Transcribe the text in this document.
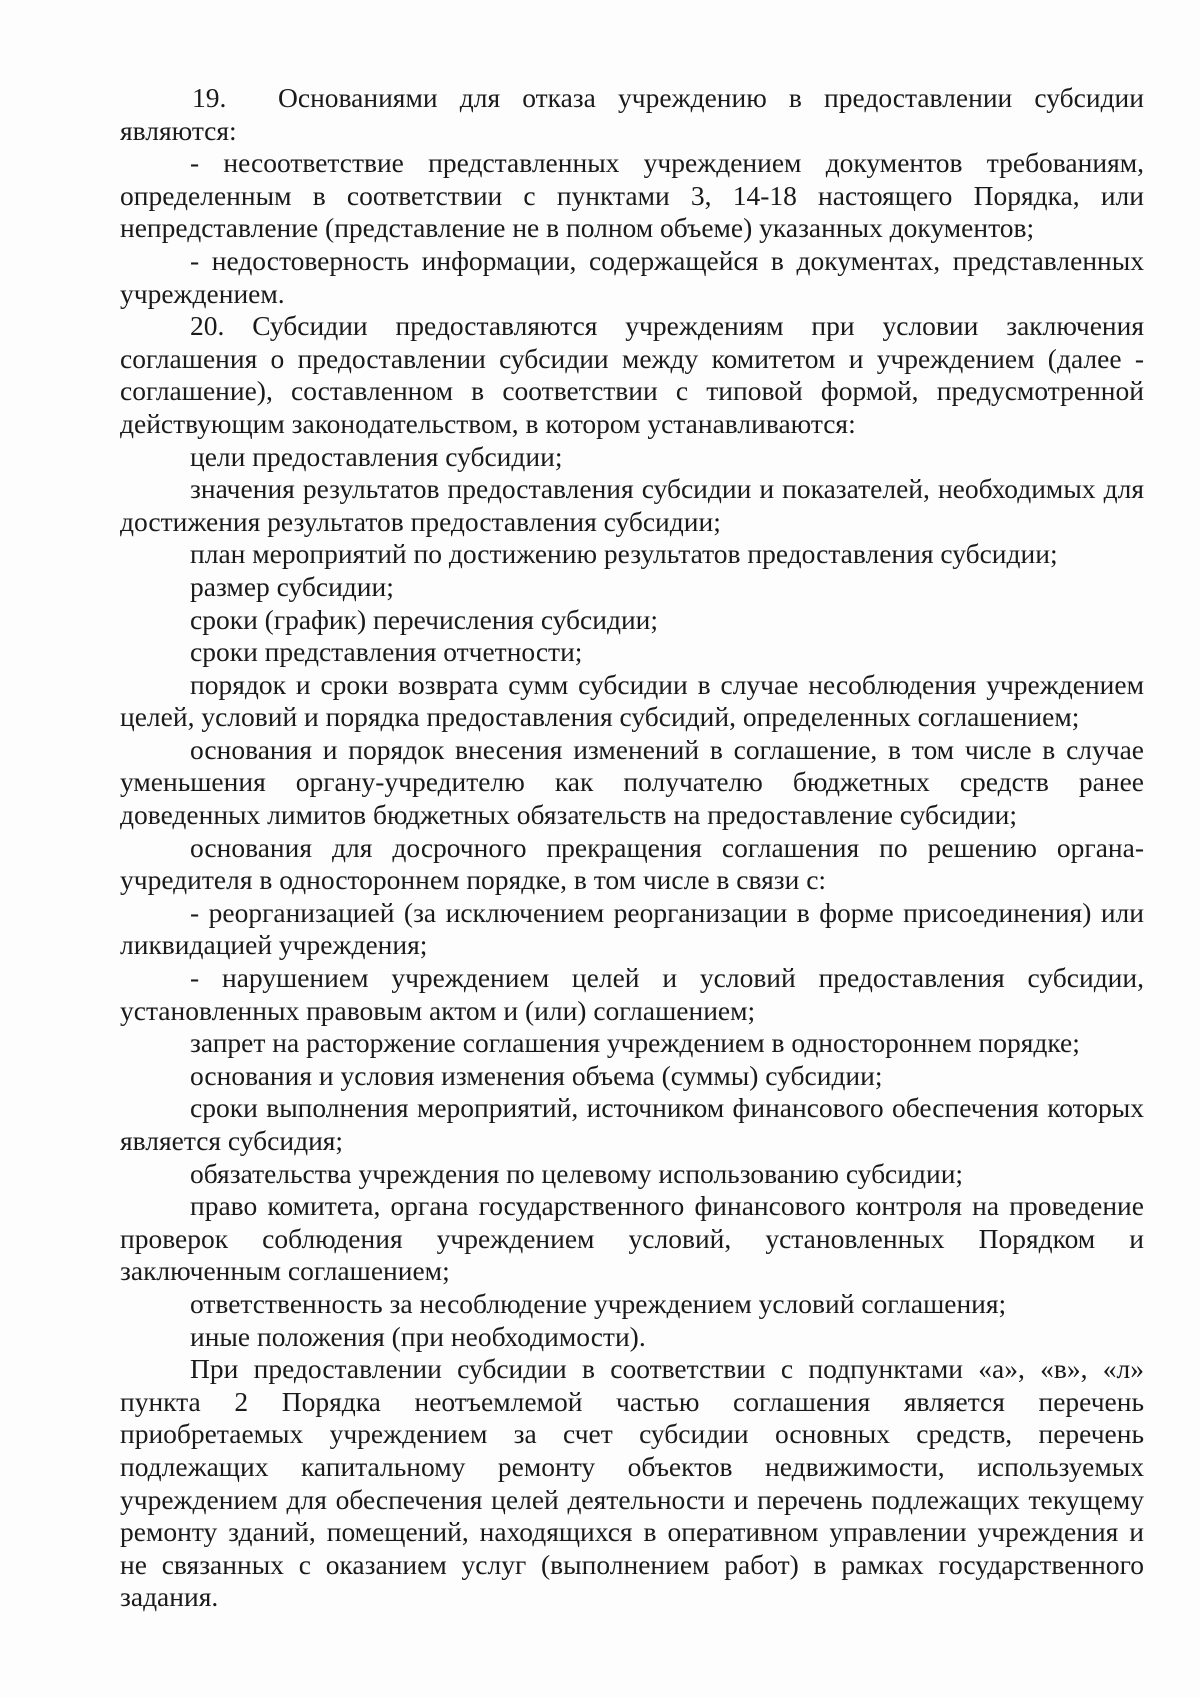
19. Основаниями для отказа учреждению в предоставлении субсидии являются:

- несоответствие представленных учреждением документов требованиям, определенным в соответствии с пунктами 3, 14-18 настоящего Порядка, или непредставление (представление не в полном объеме) указанных документов;

- недостоверность информации, содержащейся в документах, представленных учреждением.

20. Субсидии предоставляются учреждениям при условии заключения соглашения о предоставлении субсидии между комитетом и учреждением (далее - соглашение), составленном в соответствии с типовой формой, предусмотренной действующим законодательством, в котором устанавливаются:

цели предоставления субсидии;

значения результатов предоставления субсидии и показателей, необходимых для достижения результатов предоставления субсидии;

план мероприятий по достижению результатов предоставления субсидии;

размер субсидии;

сроки (график) перечисления субсидии;

сроки представления отчетности;

порядок и сроки возврата сумм субсидии в случае несоблюдения учреждением целей, условий и порядка предоставления субсидий, определенных соглашением;

основания и порядок внесения изменений в соглашение, в том числе в случае уменьшения органу-учредителю как получателю бюджетных средств ранее доведенных лимитов бюджетных обязательств на предоставление субсидии;

основания для досрочного прекращения соглашения по решению органа-учредителя в одностороннем порядке, в том числе в связи с:

- реорганизацией (за исключением реорганизации в форме присоединения) или ликвидацией учреждения;

- нарушением учреждением целей и условий предоставления субсидии, установленных правовым актом и (или) соглашением;

запрет на расторжение соглашения учреждением в одностороннем порядке;

основания и условия изменения объема (суммы) субсидии;

сроки выполнения мероприятий, источником финансового обеспечения которых является субсидия;

обязательства учреждения по целевому использованию субсидии;

право комитета, органа государственного финансового контроля на проведение проверок соблюдения учреждением условий, установленных Порядком и заключенным соглашением;

ответственность за несоблюдение учреждением условий соглашения;

иные положения (при необходимости).

При предоставлении субсидии в соответствии с подпунктами «а», «в», «л» пункта 2 Порядка неотъемлемой частью соглашения является перечень приобретаемых учреждением за счет субсидии основных средств, перечень подлежащих капитальному ремонту объектов недвижимости, используемых учреждением для обеспечения целей деятельности и перечень подлежащих текущему ремонту зданий, помещений, находящихся в оперативном управлении учреждения и не связанных с оказанием услуг (выполнением работ) в рамках государственного задания.
